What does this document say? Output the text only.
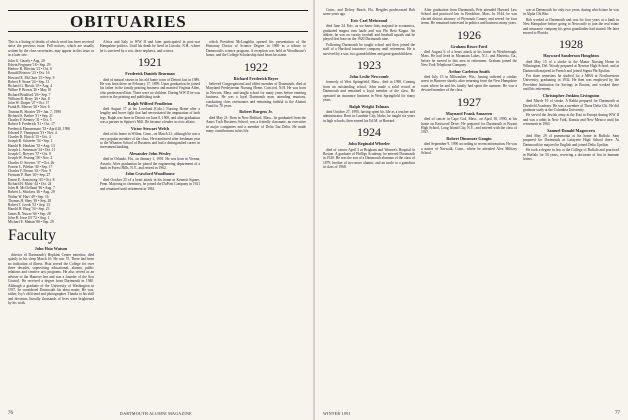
OBITUARIES

This is a listing of deaths of which word has been received since the previous issue. Full notices, which are usually written by the class secretaries, may appear in this issue or in a later one.

John G. Gazely • Aug. 20
Edwin Fergusen '18 • Sep. 29
Harlow H. Blevins '21 • Oct. 6
Ronald Bristow '23 • Oct. 16
Howard E. McClure '23 • Sep. 9
Robert F. Stone '24 • Sep. 13
Richard G. Hirsch '25 • Aug. 4
Wilber P. Brown '26 • May 10
Richard Bradford '26 • Sep. 7
William B. Berry '26 • Jun. 8
John W. Draper '27 • Oct. 17
Frank R. Mercer '28 • Nov. 6
Truman B. Shuster '29 • Jun. 7, 1990
Richard S. Barber '31 • Sep. 21
Charles F. Kenney '31 • Oct. 5
Robert F. Frederick '31 • Oct. 17
Frederick Flannermaro '33 • April 20, 1990
Edward F. Thompson '33 • Nov. 4
Charles R. Ehrich '33 • Oct. 4
Joseph B. Schaefer '34 • Sep. 1
Harold R. Hankins '35 • Aug. 14
Joseph L. Stensman '34 • Oct. 11
Joseph C. Breyers '37 • Oct. 8
Joseph W. Fearing '38 • Nov. 2
Charles O. Stevens '37 • Oct. 26
Forrest L. Pilebas '40 • Sep. 17
Charles F. Brown '43 • Nov. 9
Fremont P. Baer '40 • Sep. 27
Ernest E. Armstrong '43 • Oct. 8
Richard H. Mohr '44 • Oct. 24
John H. McClelland '46 • Aug. 7
Robert L. Shickers '46 • Aug. 29
Walter W. Hart '49 • Sep. 16
Thomas H. Shey '49 • Sep. 28
Robert T. Leeds '52 • Sep. 13
Harold H. Burg '54 • Sep. 23
James R. Nuwer '66 • Sep. 28
John B. Jesse III '72 • Aug. 1
Michael E. Mahan '88 • Sep. 29
Faculty

John Hsia Watson

director of Dartmouth's Hopkins Center emeritus, died quietly in his sleep March 16. He was 75. There had been no indication of illness. Hsia served the College for over three decades, supervising educational, alumni, public relations and creative arts programs. He also served as an adviser to the Hanover Inn and was a founder of the Arts Council. He received a degree from Dartmouth in 1940. Although a graduate of the University of Washington in 1937, he considered Dartmouth his alma mater. He was, rather, Ivy's old friend and photographer. Thanks to his skill and devotion, literally thousands of lives were brightened by his work.

Africa and Italy in WW II and later participated in post-war Hampshire politics. Until his death he lived in Lincoln, N.H., where he is survived by a son, three nephews, and a niece.

1921

Frederick Daniels Bearman

died of natural causes in his old home town of Detroit last in 1989. He was born there on February 17, 1899. Upon graduation he joined his father in the family printing business and married Virginia Allen, who predeceased him. There were no children. During WW II he was active in the printing and publishing trade.

Ralph Wilfred Pendleton

died August 17 at his Loveland (Colo.) Nursing Home after a lengthy and brave fight that had necessitated the amputation of both legs. Ralph was born in Detroit on June 8, 1900, and after graduation was a partner in Spitzer's Mill. He became a leader in civic affairs.

Victor Stewart Welch

died at his home in Wilton, Conn., on March 21, although he was a very popular member of the class. He transferred after freshman year to the Wharton School of Business and had a distinguished career in investment banking.

Alexander John Wesley

died in Orlando, Fla., on January 1, 1991. He was born in Vienna, Austria. After graduation he joined the engineering department of a bank in Forest Hills, N.Y., and retired in 1962.

John Crawford Woodhouse

died October 25 of a heart attack in his home in Kennett Square, Penn. Majoring in chemistry, he joined the DuPont Company in 1921 and remained until retirement in 1961.

which President McLaughlin opened his presentation of the Honorary Doctor of Science Degree in 1969 as a tribute to Dartmouth's science program. A reception was held in Woodhouse's honor, and the College Scholarship fund bears his name.

1922

Richard Frederick Beyer

believed Congregational and oldest member of Dartmouth, died at Maryland Presbyterian Nursing Home, Concord, N.H. He was born in Newton, Mass. and taught school for many years before entering business. He was a loyal Dartmouth man, attending reunions, conducting class ceremonies and remaining faithful to the Alumni Fund for 70 years.

Robert Burgess Jr.

died May 21. Born in New Bedford, Mass., he graduated from the Amos Tuck Business School, was a friendly classmate, an executive in major companies and a member of Delta Tau Delta. He made many contributions in his life.

76	DARTMOUTH ALUMNI MAGAZINE

Conn., and Delroy Beach, Fla. Bergiles predeceased Bob some years ago.

Eric Carl Melstrand

died June 24. Eric, as we knew him, majored in economics, graduated magna cum laude and was Phi Beta Kappa. An athlete, he was on varsity football and baseball squads and he played first base on the 1920 Dartmouth nine.

Following Dartmouth he taught school and then joined the staff of a Hartford insurance company until retirement. He is survived by a son, two grandchildren and great-grandchildren.

1923

John Leslie Newcomb

formerly of West Springfield, Mass., died in 1990. Coming from an outstanding school, John made a solid record at Dartmouth and remained a loyal member of the class. He operated an insurance business in West Springfield for many years.

Ralph Wright Tolman

died October 27, 1990, having spent his life as a teacher and administrator. Born in Lambda City, Idaho, he taught six years in high schools, then earned his Ed.M. at Harvard.

1924

John Reginald Wheeler

died of cancer April 3 at Brigham and Women's Hospital in Boston. A graduate of Phillips Academy, he entered Dartmouth in 1920. He was the son of a Dartmouth alumnus of the class of 1879, brother of two more alumni, and an uncle to a grandson in class of 1968.

After graduation from Dartmouth, Pete attended Harvard Law School and practiced law in Brookline, Mass. In 1944, he was elected district attorney of Plymouth County and served for four terms. He remained interested in politics and business many years.

1926

Graham Bruce Ford

died August 6 of a heart attack at his home in Westborough, Mass. He had lived in Mountain Lakes, N.J., and Marietta, Ga., before he moved to this area in retirement. Graham joined the New York Telephone Company.

Arthur Carleton Smith

died July 13 in Milwaukee, Wis., having suffered a cardiac arrest in Hanover shortly after returning from the New Hampshire coast where he and his family had spent the summer. He was a devoted member of the class.

1927

Maynard Frank Amazeen

died of cancer in Cape Cod, Mass., on April 18, 1990, at his home on Eastwood Drive. He prepared for Dartmouth at Bryant High School, Long Island City, N.Y., and entered with the class of 1927.

Robert Dinsmore Gaugin

died September 9, 1990 according to recent information. He was a native of Norwalk, Conn., where he attended Alva Military School.

war at Dartmouth for only two years, during which time he was in Alpha Chi Rho.

Bob worked at Dartmouth and was for four years at a bank in New Hampshire before going to Newcastle to join the real estate and insurance company his great grandfather had started. He later moved to Florida.

1928

Hayward Sanderson Houghton

died May 15 of a stroke in the Manor Nursing Home in Wilmington, Del. Woody prepared at Newton High School, and at Dartmouth majored in French and joined Sigma Phi Epsilon.

For three semesters he studied for a MBA at Northwestern University, graduating in 1932. He then was employed by the Provident Institution for Savings in Boston, and worked there until his retirement.

Christopher Jenkins Livingston

died March 19 of stroke. A Rabbi prepared for Dartmouth at Deerfield Academy. He was a member of Theta Delta Chi. He did graduate study at the Columbia University.

He served the Jewish army at the East in Europe during WW II and was a rabbi in New York, Kansas and New Mexico until his retirement in 1964.

Samuel Donald Magowern

died May 29 of pneumonia at his home in Buffalo. Sam prepared for Dartmouth at Lafayette High School there. At Dartmouth he majored in English and joined Delta Upsilon.

He took a degree in law at the College of Buffalo and practiced in Buffalo for 50 years, receiving a doctorate of law in humane letters.

WINTER 1991	77
